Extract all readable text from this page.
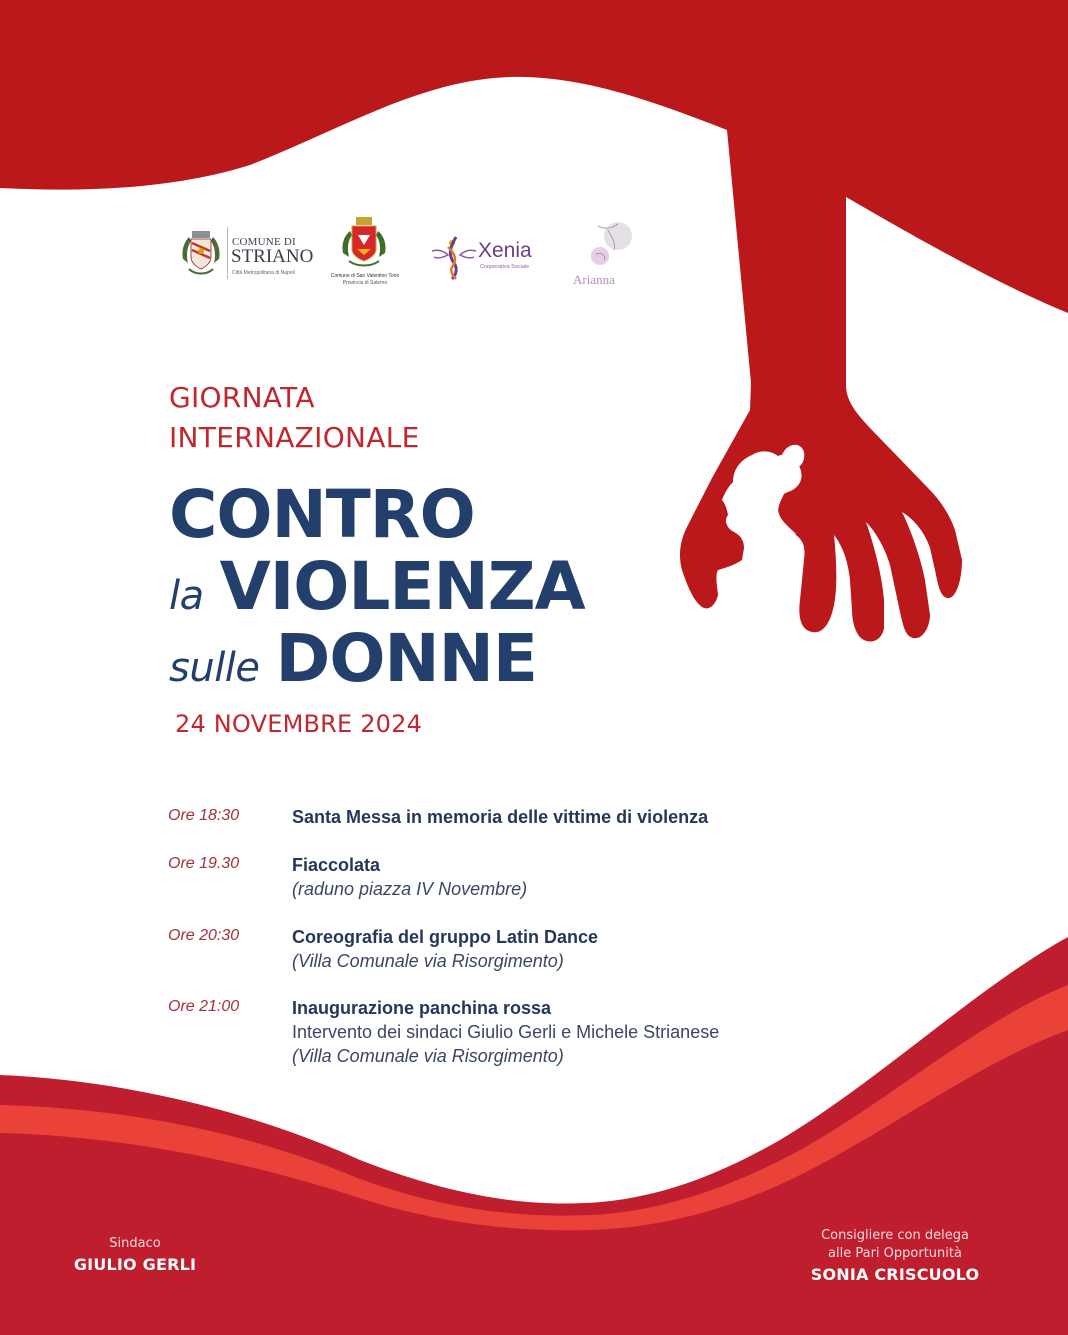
COMUNE DI
STRIANO
Città Metropolitana di Napoli	Comune di San Valentino Torio
Provincia di Salerno
Xenia
Cooperativa Sociale
Arianna
GIORNATA
INTERNAZIONALE
CONTRO
la VIOLENZA
sulle DONNE
24 NOVEMBRE 2024
Ore 18:30	Santa Messa in memoria delle vittime di violenza
Ore 19.30	Fiaccolata
(raduno piazza IV Novembre)
Ore 20:30	Coreografia del gruppo Latin Dance
(Villa Comunale via Risorgimento)
Ore 21:00	Inaugurazione panchina rossa
Intervento dei sindaci Giulio Gerli e Michele Strianese
(Villa Comunale via Risorgimento)
Sindaco
GIULIO GERLI
Consigliere con delega
alle Pari Opportunità
SONIA CRISCUOLO
